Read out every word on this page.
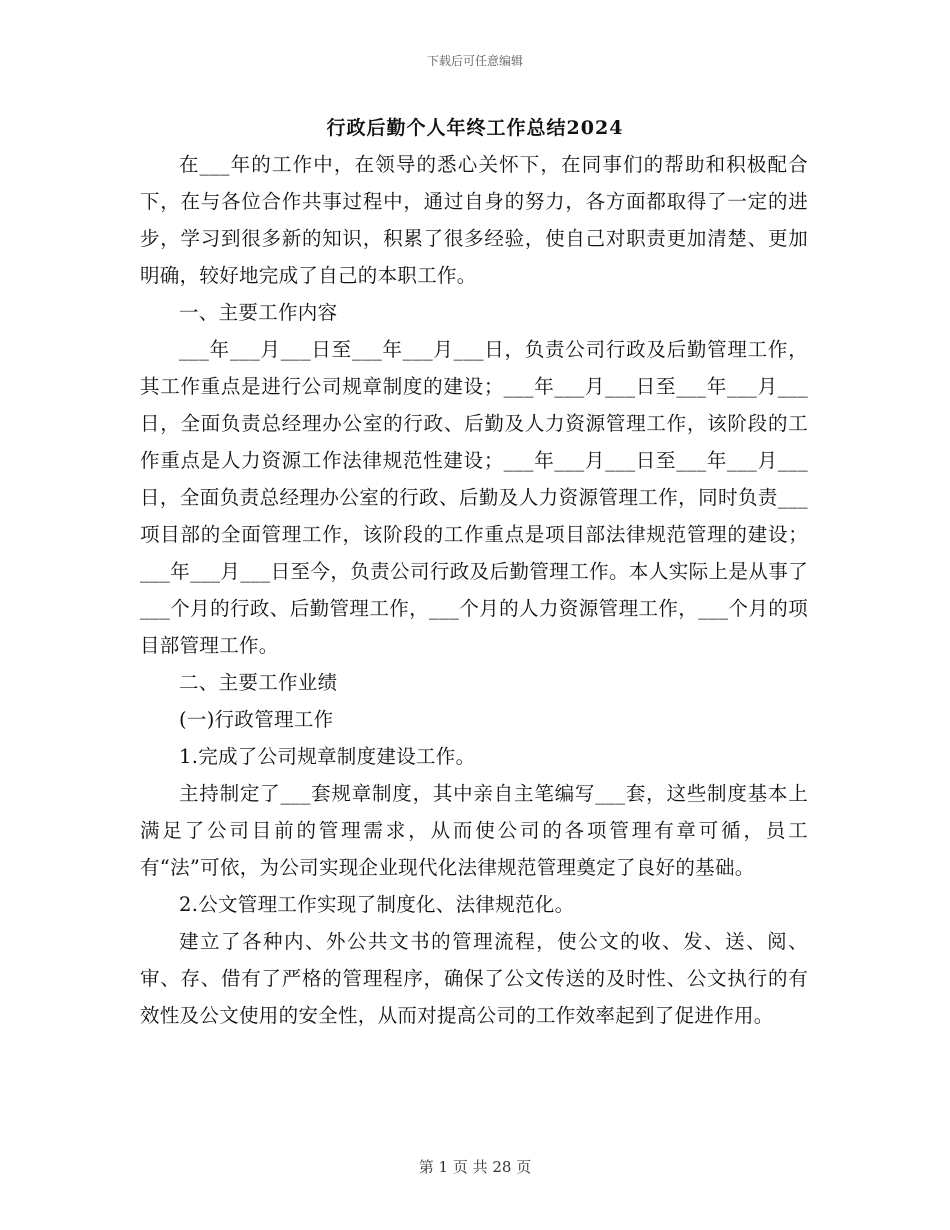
下载后可任意编辑
行政后勤个人年终工作总结2024

在___年的工作中，在领导的悉心关怀下，在同事们的帮助和积极配合下，在与各位合作共事过程中，通过自身的努力，各方面都取得了一定的进步，学习到很多新的知识，积累了很多经验，使自己对职责更加清楚、更加明确，较好地完成了自己的本职工作。

一、主要工作内容

___年___月___日至___年___月___日，负责公司行政及后勤管理工作，其工作重点是进行公司规章制度的建设；___年___月___日至___年___月___日，全面负责总经理办公室的行政、后勤及人力资源管理工作，该阶段的工作重点是人力资源工作法律规范性建设；___年___月___日至___年___月___日，全面负责总经理办公室的行政、后勤及人力资源管理工作，同时负责___项目部的全面管理工作，该阶段的工作重点是项目部法律规范管理的建设；___年___月___日至今，负责公司行政及后勤管理工作。本人实际上是从事了___个月的行政、后勤管理工作，___个月的人力资源管理工作，___个月的项目部管理工作。

二、主要工作业绩

(一)行政管理工作

1.完成了公司规章制度建设工作。

主持制定了___套规章制度，其中亲自主笔编写___套，这些制度基本上满足了公司目前的管理需求，从而使公司的各项管理有章可循，员工有“法”可依，为公司实现企业现代化法律规范管理奠定了良好的基础。

2.公文管理工作实现了制度化、法律规范化。

建立了各种内、外公共文书的管理流程，使公文的收、发、送、阅、审、存、借有了严格的管理程序，确保了公文传送的及时性、公文执行的有效性及公文使用的安全性，从而对提高公司的工作效率起到了促进作用。

第 1 页 共 28 页
